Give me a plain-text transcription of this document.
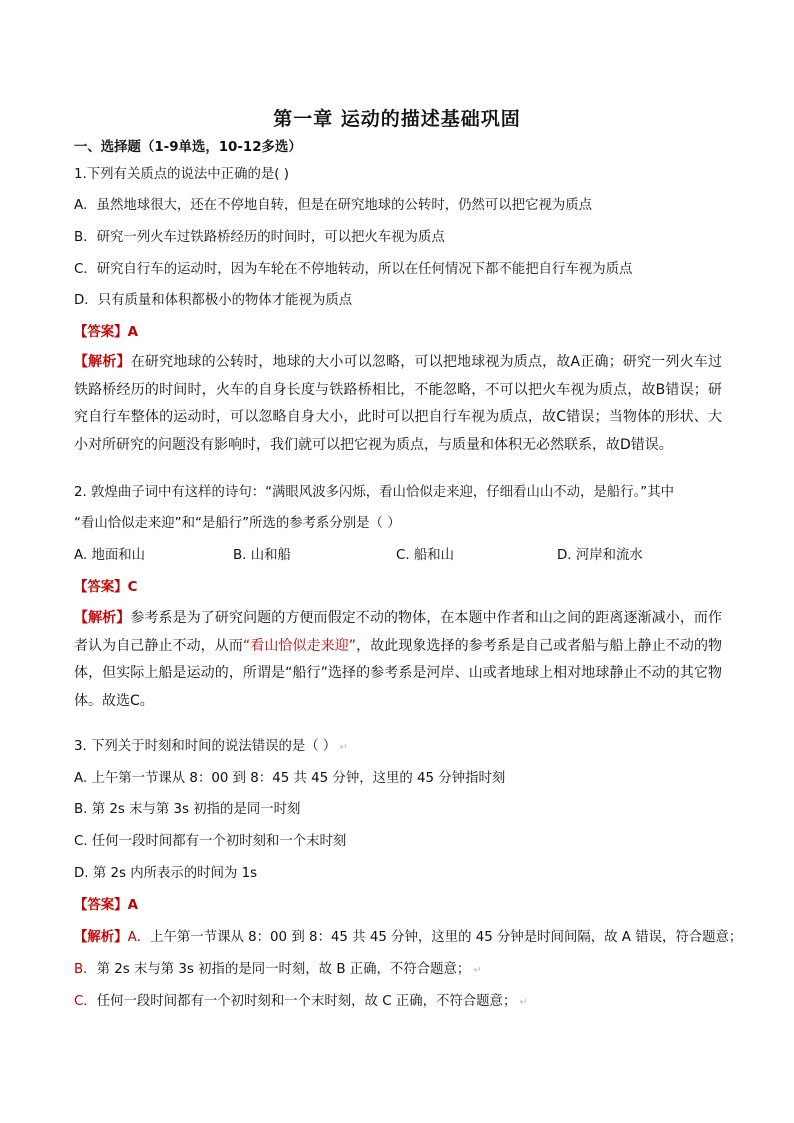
第一章 运动的描述基础巩固
一、选择题（1-9单选，10-12多选）
1.下列有关质点的说法中正确的是( )
A．虽然地球很大，还在不停地自转，但是在研究地球的公转时，仍然可以把它视为质点
B．研究一列火车过铁路桥经历的时间时，可以把火车视为质点
C．研究自行车的运动时，因为车轮在不停地转动，所以在任何情况下都不能把自行车视为质点
D．只有质量和体积都极小的物体才能视为质点
【答案】A
【解析】在研究地球的公转时，地球的大小可以忽略，可以把地球视为质点，故A正确；研究一列火车过铁路桥经历的时间时，火车的自身长度与铁路桥相比，不能忽略，不可以把火车视为质点，故B错误；研究自行车整体的运动时，可以忽略自身大小，此时可以把自行车视为质点，故C错误；当物体的形状、大小对所研究的问题没有影响时，我们就可以把它视为质点，与质量和体积无必然联系，故D错误。
2. 敦煌曲子词中有这样的诗句：“满眼风波多闪烁，看山恰似走来迎，仔细看山山不动，是船行。”其中
“看山恰似走来迎”和“是船行”所选的参考系分别是（ ）
A. 地面和山	B. 山和船	C. 船和山	D. 河岸和流水
【答案】C
【解析】参考系是为了研究问题的方便而假定不动的物体，在本题中作者和山之间的距离逐渐减小，而作者认为自己静止不动，从而“看山恰似走来迎”，故此现象选择的参考系是自己或者船与船上静止不动的物体，但实际上船是运动的，所谓是“船行”选择的参考系是河岸、山或者地球上相对地球静止不动的其它物体。故选C。
3. 下列关于时刻和时间的说法错误的是（ ） ↵
A. 上午第一节课从 8：00 到 8：45 共 45 分钟，这里的 45 分钟指时刻
B. 第 2s 末与第 3s 初指的是同一时刻
C. 任何一段时间都有一个初时刻和一个末时刻
D. 第 2s 内所表示的时间为 1s
【答案】A
【解析】A．上午第一节课从 8：00 到 8：45 共 45 分钟，这里的 45 分钟是时间间隔，故 A 错误，符合题意；
B．第 2s 末与第 3s 初指的是同一时刻，故 B 正确，不符合题意； ↵
C．任何一段时间都有一个初时刻和一个末时刻，故 C 正确，不符合题意； ↵
